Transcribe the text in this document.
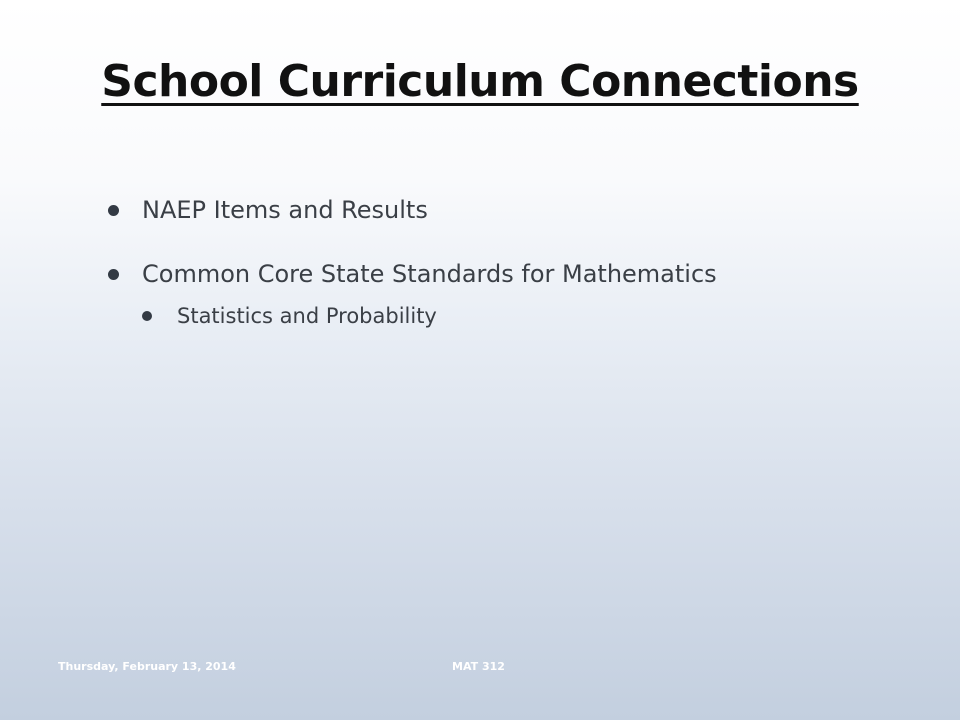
School Curriculum Connections
NAEP Items and Results
Common Core State Standards for Mathematics
Statistics and Probability
Thursday, February 13, 2014	MAT 312
